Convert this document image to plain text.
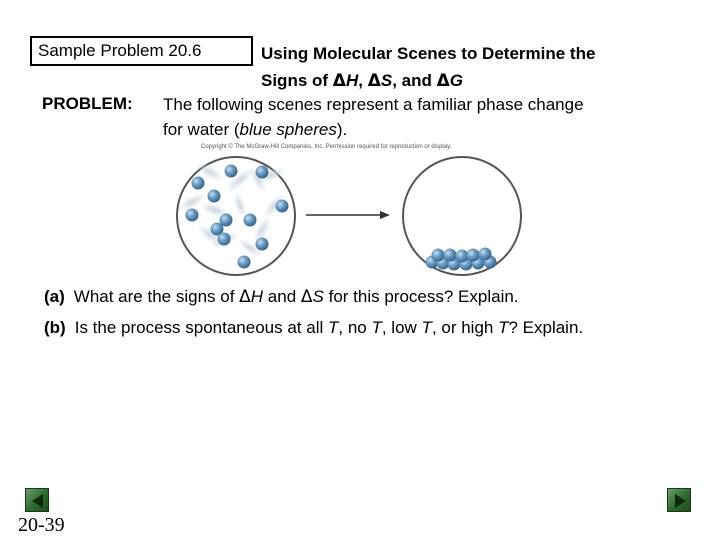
Sample Problem 20.6	Using Molecular Scenes to Determine the
Signs of ΔH, ΔS, and ΔG
PROBLEM: The following scenes represent a familiar phase change
for water (blue spheres).
Copyright © The McGraw-Hill Companies, Inc. Permission required for reproduction or display.
(a) What are the signs of ΔH and ΔS for this process? Explain.
(b) Is the process spontaneous at all T, no T, low T, or high T? Explain.
20-39
